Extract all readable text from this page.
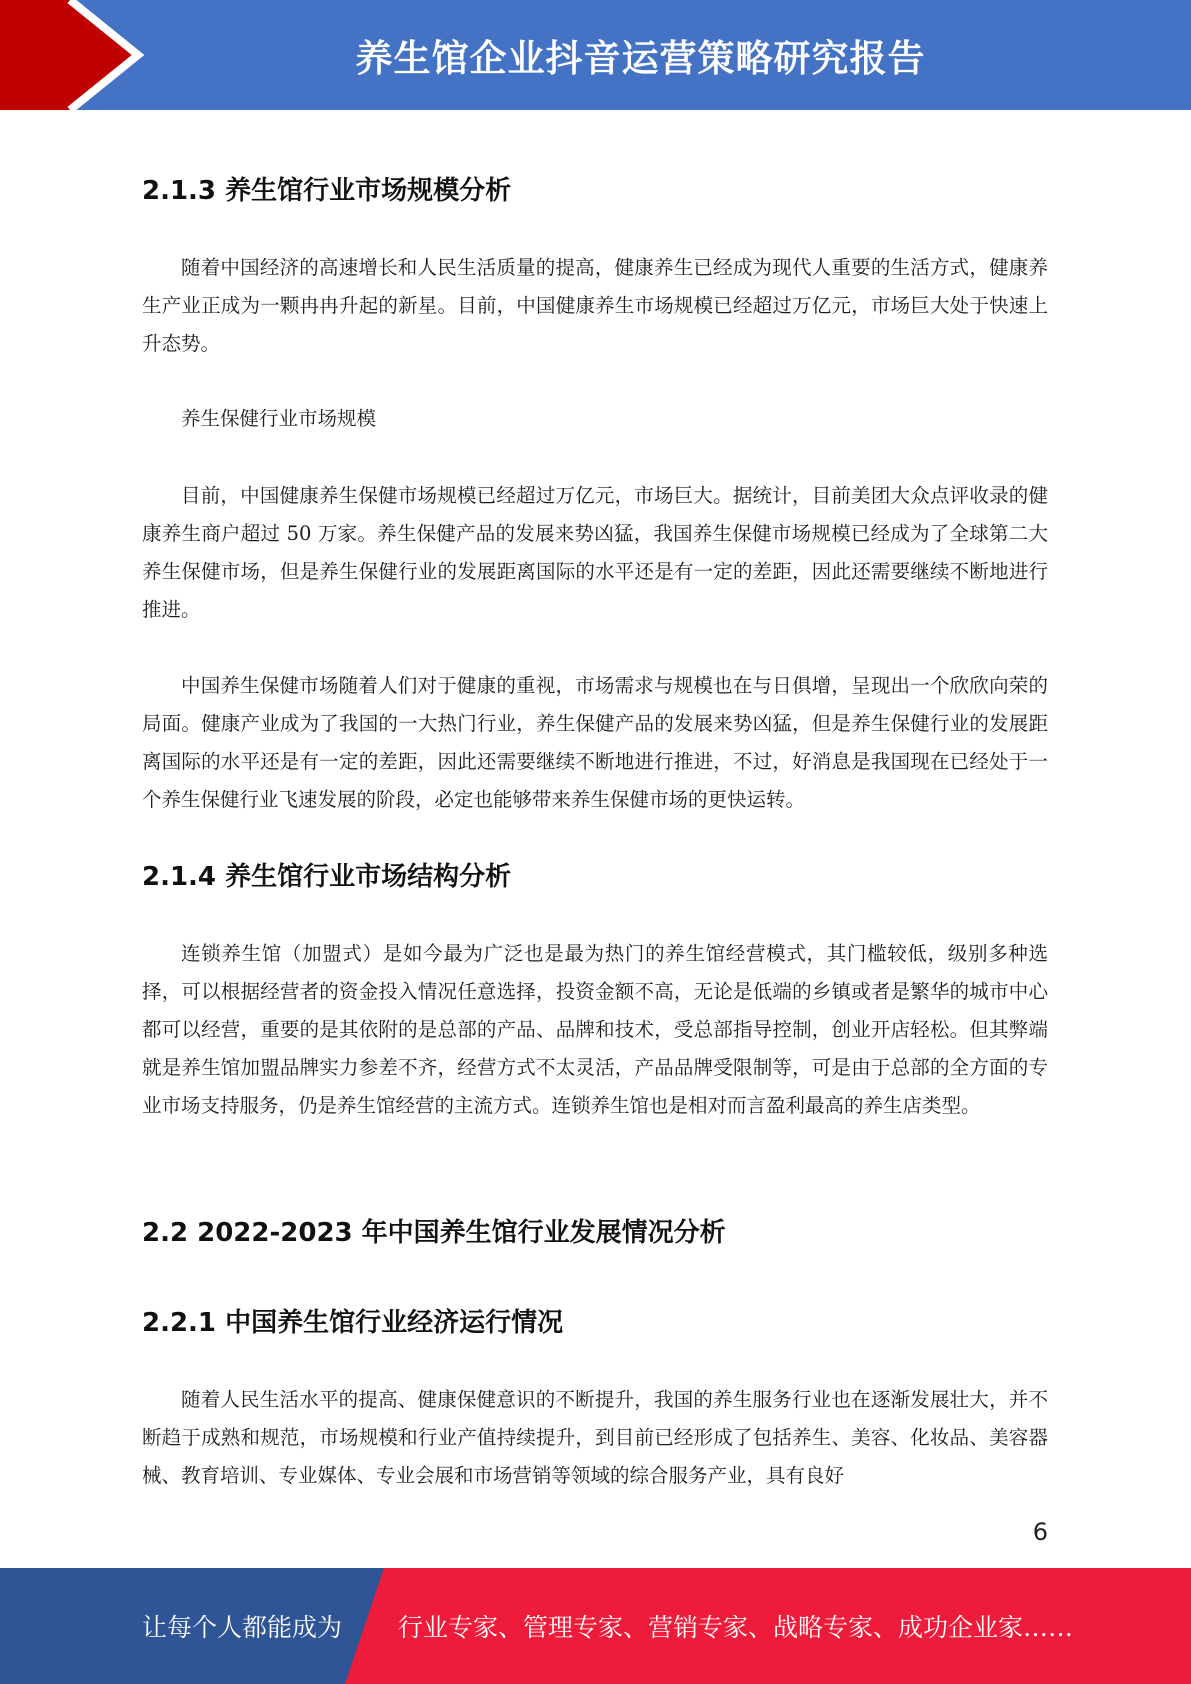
养生馆企业抖音运营策略研究报告
2.1.3 养生馆行业市场规模分析
随着中国经济的高速增长和人民生活质量的提高，健康养生已经成为现代人重要的生活方式，健康养生产业正成为一颗冉冉升起的新星。目前，中国健康养生市场规模已经超过万亿元，市场巨大处于快速上升态势。
养生保健行业市场规模
目前，中国健康养生保健市场规模已经超过万亿元，市场巨大。据统计，目前美团大众点评收录的健康养生商户超过 50 万家。养生保健产品的发展来势凶猛，我国养生保健市场规模已经成为了全球第二大养生保健市场，但是养生保健行业的发展距离国际的水平还是有一定的差距，因此还需要继续不断地进行推进。
中国养生保健市场随着人们对于健康的重视，市场需求与规模也在与日俱增，呈现出一个欣欣向荣的局面。健康产业成为了我国的一大热门行业，养生保健产品的发展来势凶猛，但是养生保健行业的发展距离国际的水平还是有一定的差距，因此还需要继续不断地进行推进，不过，好消息是我国现在已经处于一个养生保健行业飞速发展的阶段，必定也能够带来养生保健市场的更快运转。
2.1.4 养生馆行业市场结构分析
连锁养生馆（加盟式）是如今最为广泛也是最为热门的养生馆经营模式，其门槛较低，级别多种选择，可以根据经营者的资金投入情况任意选择，投资金额不高，无论是低端的乡镇或者是繁华的城市中心都可以经营，重要的是其依附的是总部的产品、品牌和技术，受总部指导控制，创业开店轻松。但其弊端就是养生馆加盟品牌实力参差不齐，经营方式不太灵活，产品品牌受限制等，可是由于总部的全方面的专业市场支持服务，仍是养生馆经营的主流方式。连锁养生馆也是相对而言盈利最高的养生店类型。
2.2 2022-2023 年中国养生馆行业发展情况分析
2.2.1 中国养生馆行业经济运行情况
随着人民生活水平的提高、健康保健意识的不断提升，我国的养生服务行业也在逐渐发展壮大，并不断趋于成熟和规范，市场规模和行业产值持续提升，到目前已经形成了包括养生、美容、化妆品、美容器械、教育培训、专业媒体、专业会展和市场营销等领域的综合服务产业，具有良好
6
让每个人都能成为 行业专家、管理专家、营销专家、战略专家、成功企业家……
